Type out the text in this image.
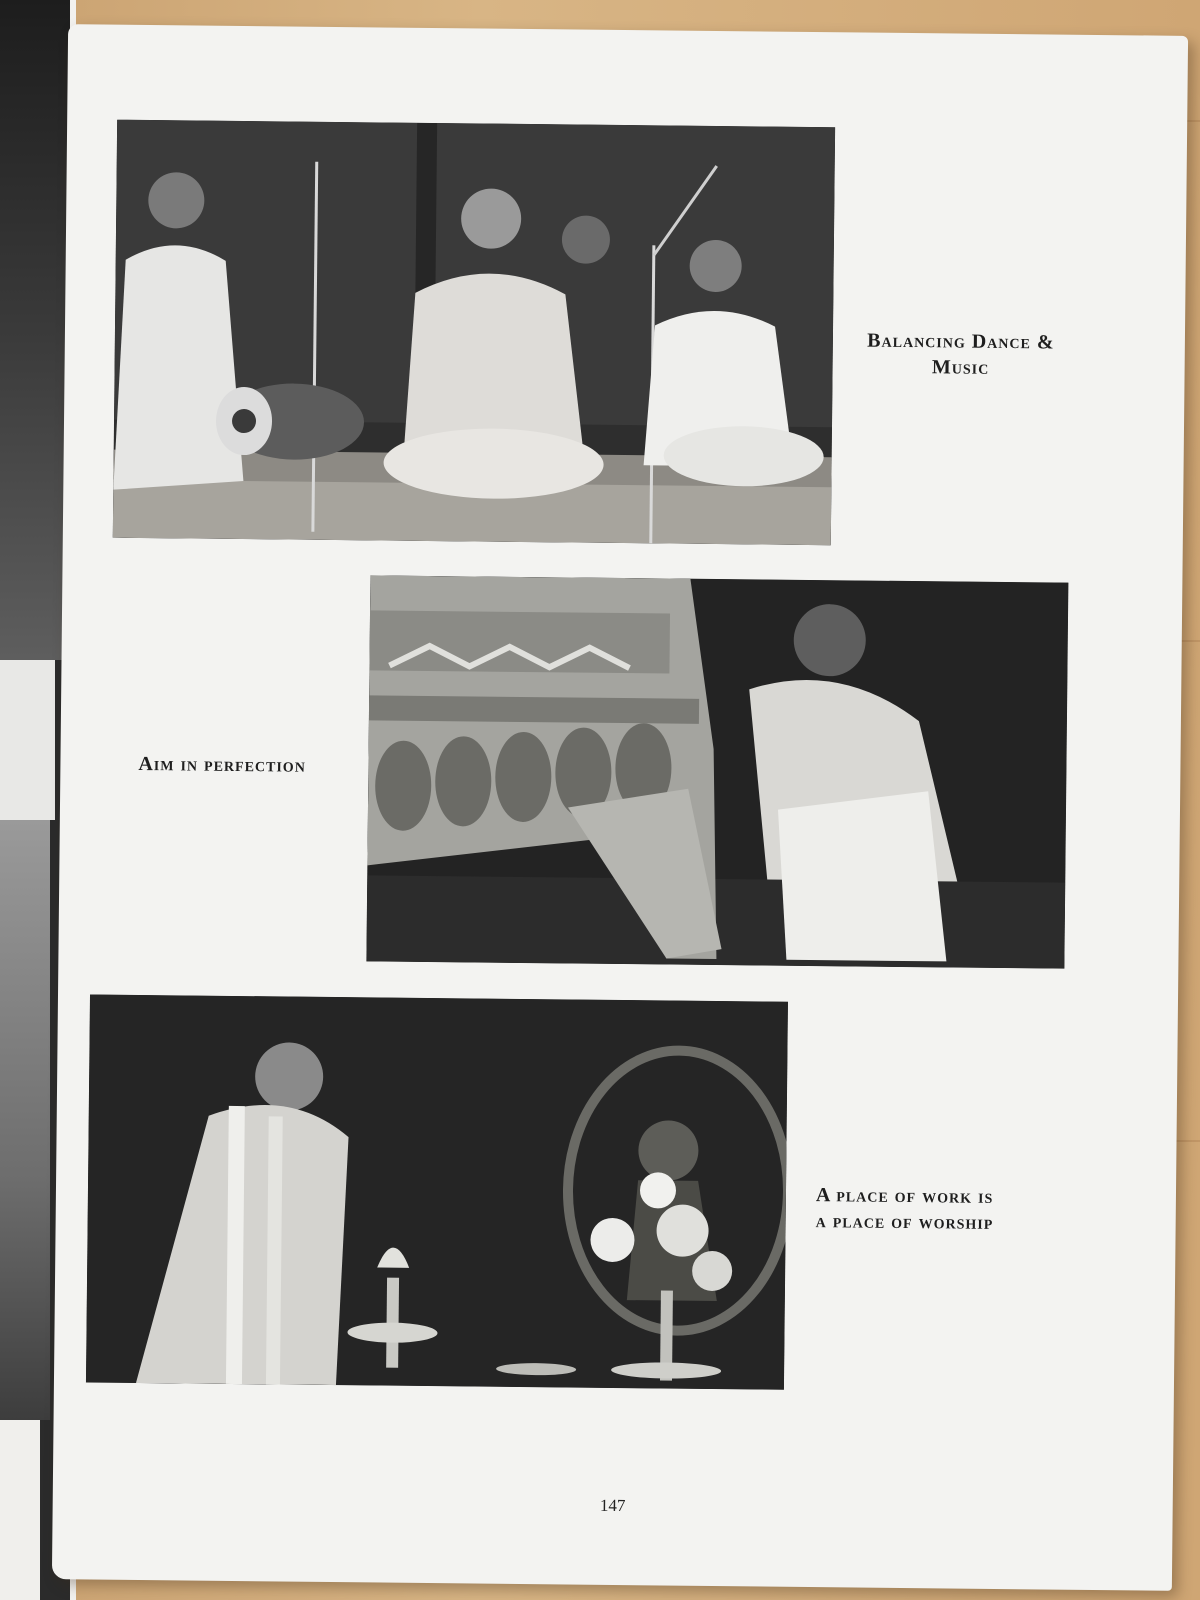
Balancing Dance & Music
Aim in perfection
A place of work is
a place of worship
147
